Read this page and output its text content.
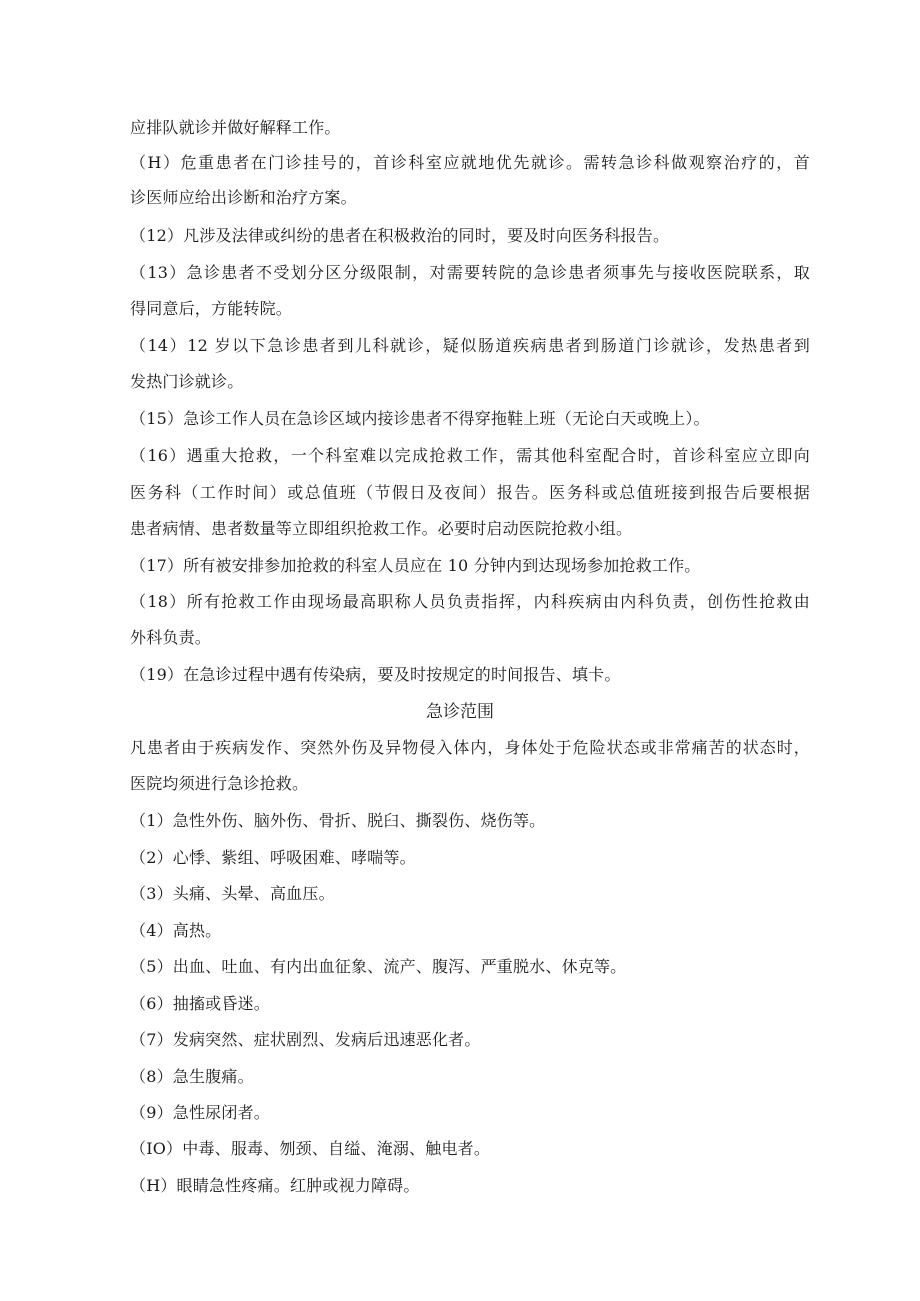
应排队就诊并做好解释工作。
（H）危重患者在门诊挂号的，首诊科室应就地优先就诊。需转急诊科做观察治疗的，首
诊医师应给出诊断和治疗方案。
（12）凡涉及法律或纠纷的患者在积极救治的同时，要及时向医务科报告。
（13）急诊患者不受划分区分级限制，对需要转院的急诊患者须事先与接收医院联系，取
得同意后，方能转院。
（14）12 岁以下急诊患者到儿科就诊，疑似肠道疾病患者到肠道门诊就诊，发热患者到
发热门诊就诊。
（15）急诊工作人员在急诊区域内接诊患者不得穿拖鞋上班（无论白天或晚上）。
（16）遇重大抢救，一个科室难以完成抢救工作，需其他科室配合时，首诊科室应立即向
医务科（工作时间）或总值班（节假日及夜间）报告。医务科或总值班接到报告后要根据
患者病情、患者数量等立即组织抢救工作。必要时启动医院抢救小组。
（17）所有被安排参加抢救的科室人员应在 10 分钟内到达现场参加抢救工作。
（18）所有抢救工作由现场最高职称人员负责指挥，内科疾病由内科负责，创伤性抢救由
外科负责。
（19）在急诊过程中遇有传染病，要及时按规定的时间报告、填卡。
急诊范围
凡患者由于疾病发作、突然外伤及异物侵入体内，身体处于危险状态或非常痛苦的状态时，
医院均须进行急诊抢救。
（1）急性外伤、脑外伤、骨折、脱臼、撕裂伤、烧伤等。
（2）心悸、紫组、呼吸困难、哮喘等。
（3）头痛、头晕、高血压。
（4）高热。
（5）出血、吐血、有内出血征象、流产、腹泻、严重脱水、休克等。
（6）抽搐或昏迷。
（7）发病突然、症状剧烈、发病后迅速恶化者。
（8）急生腹痛。
（9）急性尿闭者。
（IO）中毒、服毒、刎颈、自缢、淹溺、触电者。
（H）眼睛急性疼痛。红肿或视力障碍。
